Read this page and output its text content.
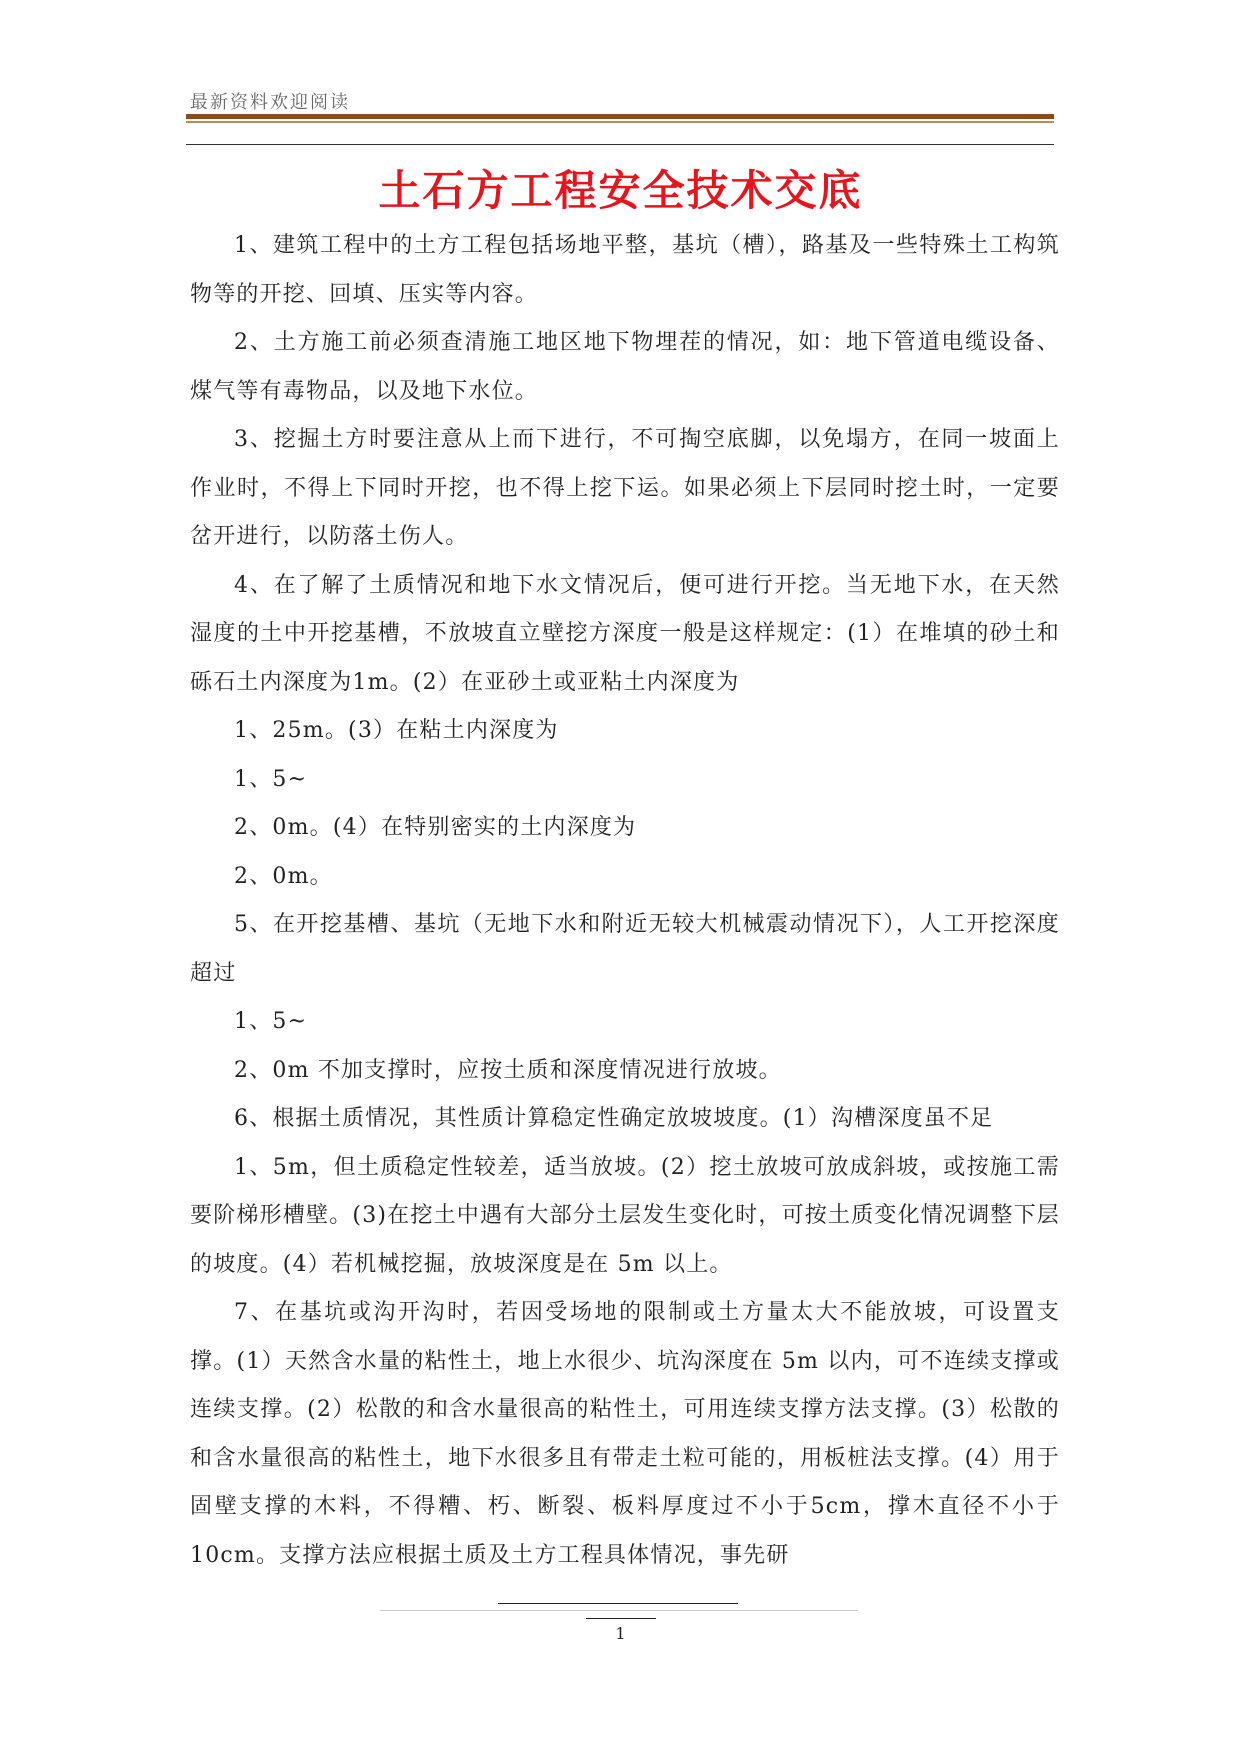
最新资料欢迎阅读
土石方工程安全技术交底

1、建筑工程中的土方工程包括场地平整，基坑（槽），路基及一些特殊土工构筑物等的开挖、回填、压实等内容。

2、土方施工前必须查清施工地区地下物埋茬的情况，如：地下管道电缆设备、煤气等有毒物品，以及地下水位。

3、挖掘土方时要注意从上而下进行，不可掏空底脚，以免塌方，在同一坡面上作业时，不得上下同时开挖，也不得上挖下运。如果必须上下层同时挖土时，一定要岔开进行，以防落土伤人。

4、在了解了土质情况和地下水文情况后，便可进行开挖。当无地下水，在天然湿度的土中开挖基槽，不放坡直立壁挖方深度一般是这样规定：(1）在堆填的砂土和砾石土内深度为1m。(2）在亚砂土或亚粘土内深度为

1、25m。(3）在粘土内深度为

1、5~

2、0m。(4）在特别密实的土内深度为

2、0m。

5、在开挖基槽、基坑（无地下水和附近无较大机械震动情况下），人工开挖深度超过

1、5~

2、0m 不加支撑时，应按土质和深度情况进行放坡。

6、根据土质情况，其性质计算稳定性确定放坡坡度。(1）沟槽深度虽不足

1、5m，但土质稳定性较差，适当放坡。(2）挖土放坡可放成斜坡，或按施工需要阶梯形槽壁。(3)在挖土中遇有大部分土层发生变化时，可按土质变化情况调整下层的坡度。(4）若机械挖掘，放坡深度是在 5m 以上。

7、在基坑或沟开沟时，若因受场地的限制或土方量太大不能放坡，可设置支撑。(1）天然含水量的粘性土，地上水很少、坑沟深度在 5m 以内，可不连续支撑或连续支撑。(2）松散的和含水量很高的粘性土，可用连续支撑方法支撑。(3）松散的和含水量很高的粘性土，地下水很多且有带走土粒可能的，用板桩法支撑。(4）用于固壁支撑的木料，不得糟、朽、断裂、板料厚度过不小于5cm，撑木直径不小于 10cm。支撑方法应根据土质及土方工程具体情况，事先研

1
